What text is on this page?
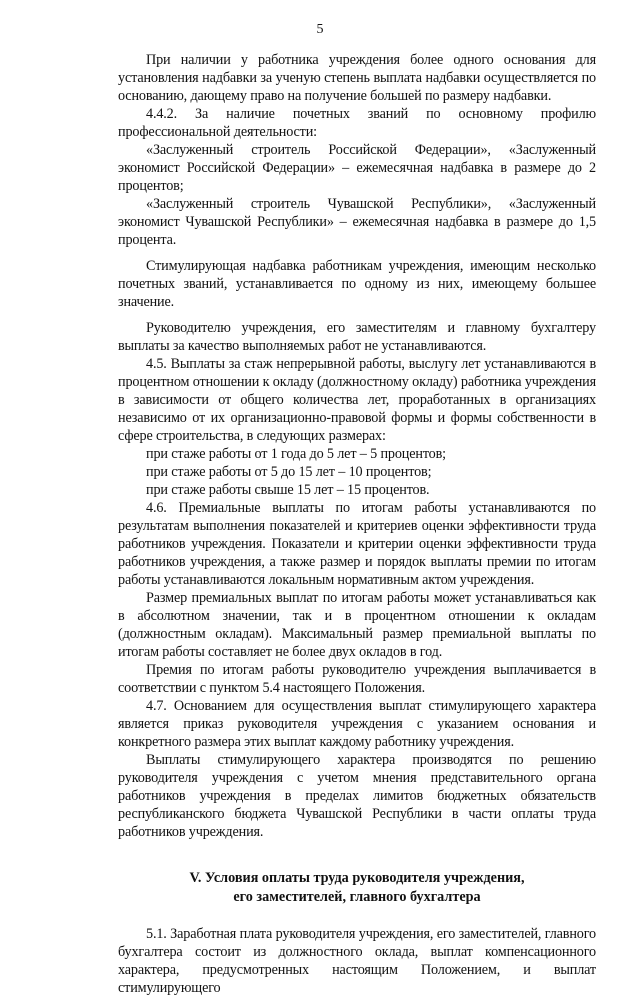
5

При наличии у работника учреждения более одного основания для установления надбавки за ученую степень выплата надбавки осуществляется по основанию, дающему право на получение большей по размеру надбавки.

4.4.2. За наличие почетных званий по основному профилю профессиональной деятельности:

«Заслуженный строитель Российской Федерации», «Заслуженный экономист Российской Федерации» – ежемесячная надбавка в размере до 2 процентов;

«Заслуженный строитель Чувашской Республики», «Заслуженный экономист Чувашской Республики» – ежемесячная надбавка в размере до 1,5 процента.

Стимулирующая надбавка работникам учреждения, имеющим несколько почетных званий, устанавливается по одному из них, имеющему большее значение.

Руководителю учреждения, его заместителям и главному бухгалтеру выплаты за качество выполняемых работ не устанавливаются.

4.5. Выплаты за стаж непрерывной работы, выслугу лет устанавливаются в процентном отношении к окладу (должностному окладу) работника учреждения в зависимости от общего количества лет, проработанных в организациях независимо от их организационно-правовой формы и формы собственности в сфере строительства, в следующих размерах:

при стаже работы от 1 года до 5 лет – 5 процентов;

при стаже работы от 5 до 15 лет – 10 процентов;

при стаже работы свыше 15 лет – 15 процентов.

4.6. Премиальные выплаты по итогам работы устанавливаются по результатам выполнения показателей и критериев оценки эффективности труда работников учреждения. Показатели и критерии оценки эффективности труда работников учреждения, а также размер и порядок выплаты премии по итогам работы устанавливаются локальным нормативным актом учреждения.

Размер премиальных выплат по итогам работы может устанавливаться как в абсолютном значении, так и в процентном отношении к окладам (должностным окладам). Максимальный размер премиальной выплаты по итогам работы составляет не более двух окладов в год.

Премия по итогам работы руководителю учреждения выплачивается в соответствии с пунктом 5.4 настоящего Положения.

4.7. Основанием для осуществления выплат стимулирующего характера является приказ руководителя учреждения с указанием основания и конкретного размера этих выплат каждому работнику учреждения.

Выплаты стимулирующего характера производятся по решению руководителя учреждения с учетом мнения представительного органа работников учреждения в пределах лимитов бюджетных обязательств республиканского бюджета Чувашской Республики в части оплаты труда работников учреждения.

V. Условия оплаты труда руководителя учреждения,
его заместителей, главного бухгалтера

5.1. Заработная плата руководителя учреждения, его заместителей, главного бухгалтера состоит из должностного оклада, выплат компенсационного характера, предусмотренных настоящим Положением, и выплат стимулирующего
